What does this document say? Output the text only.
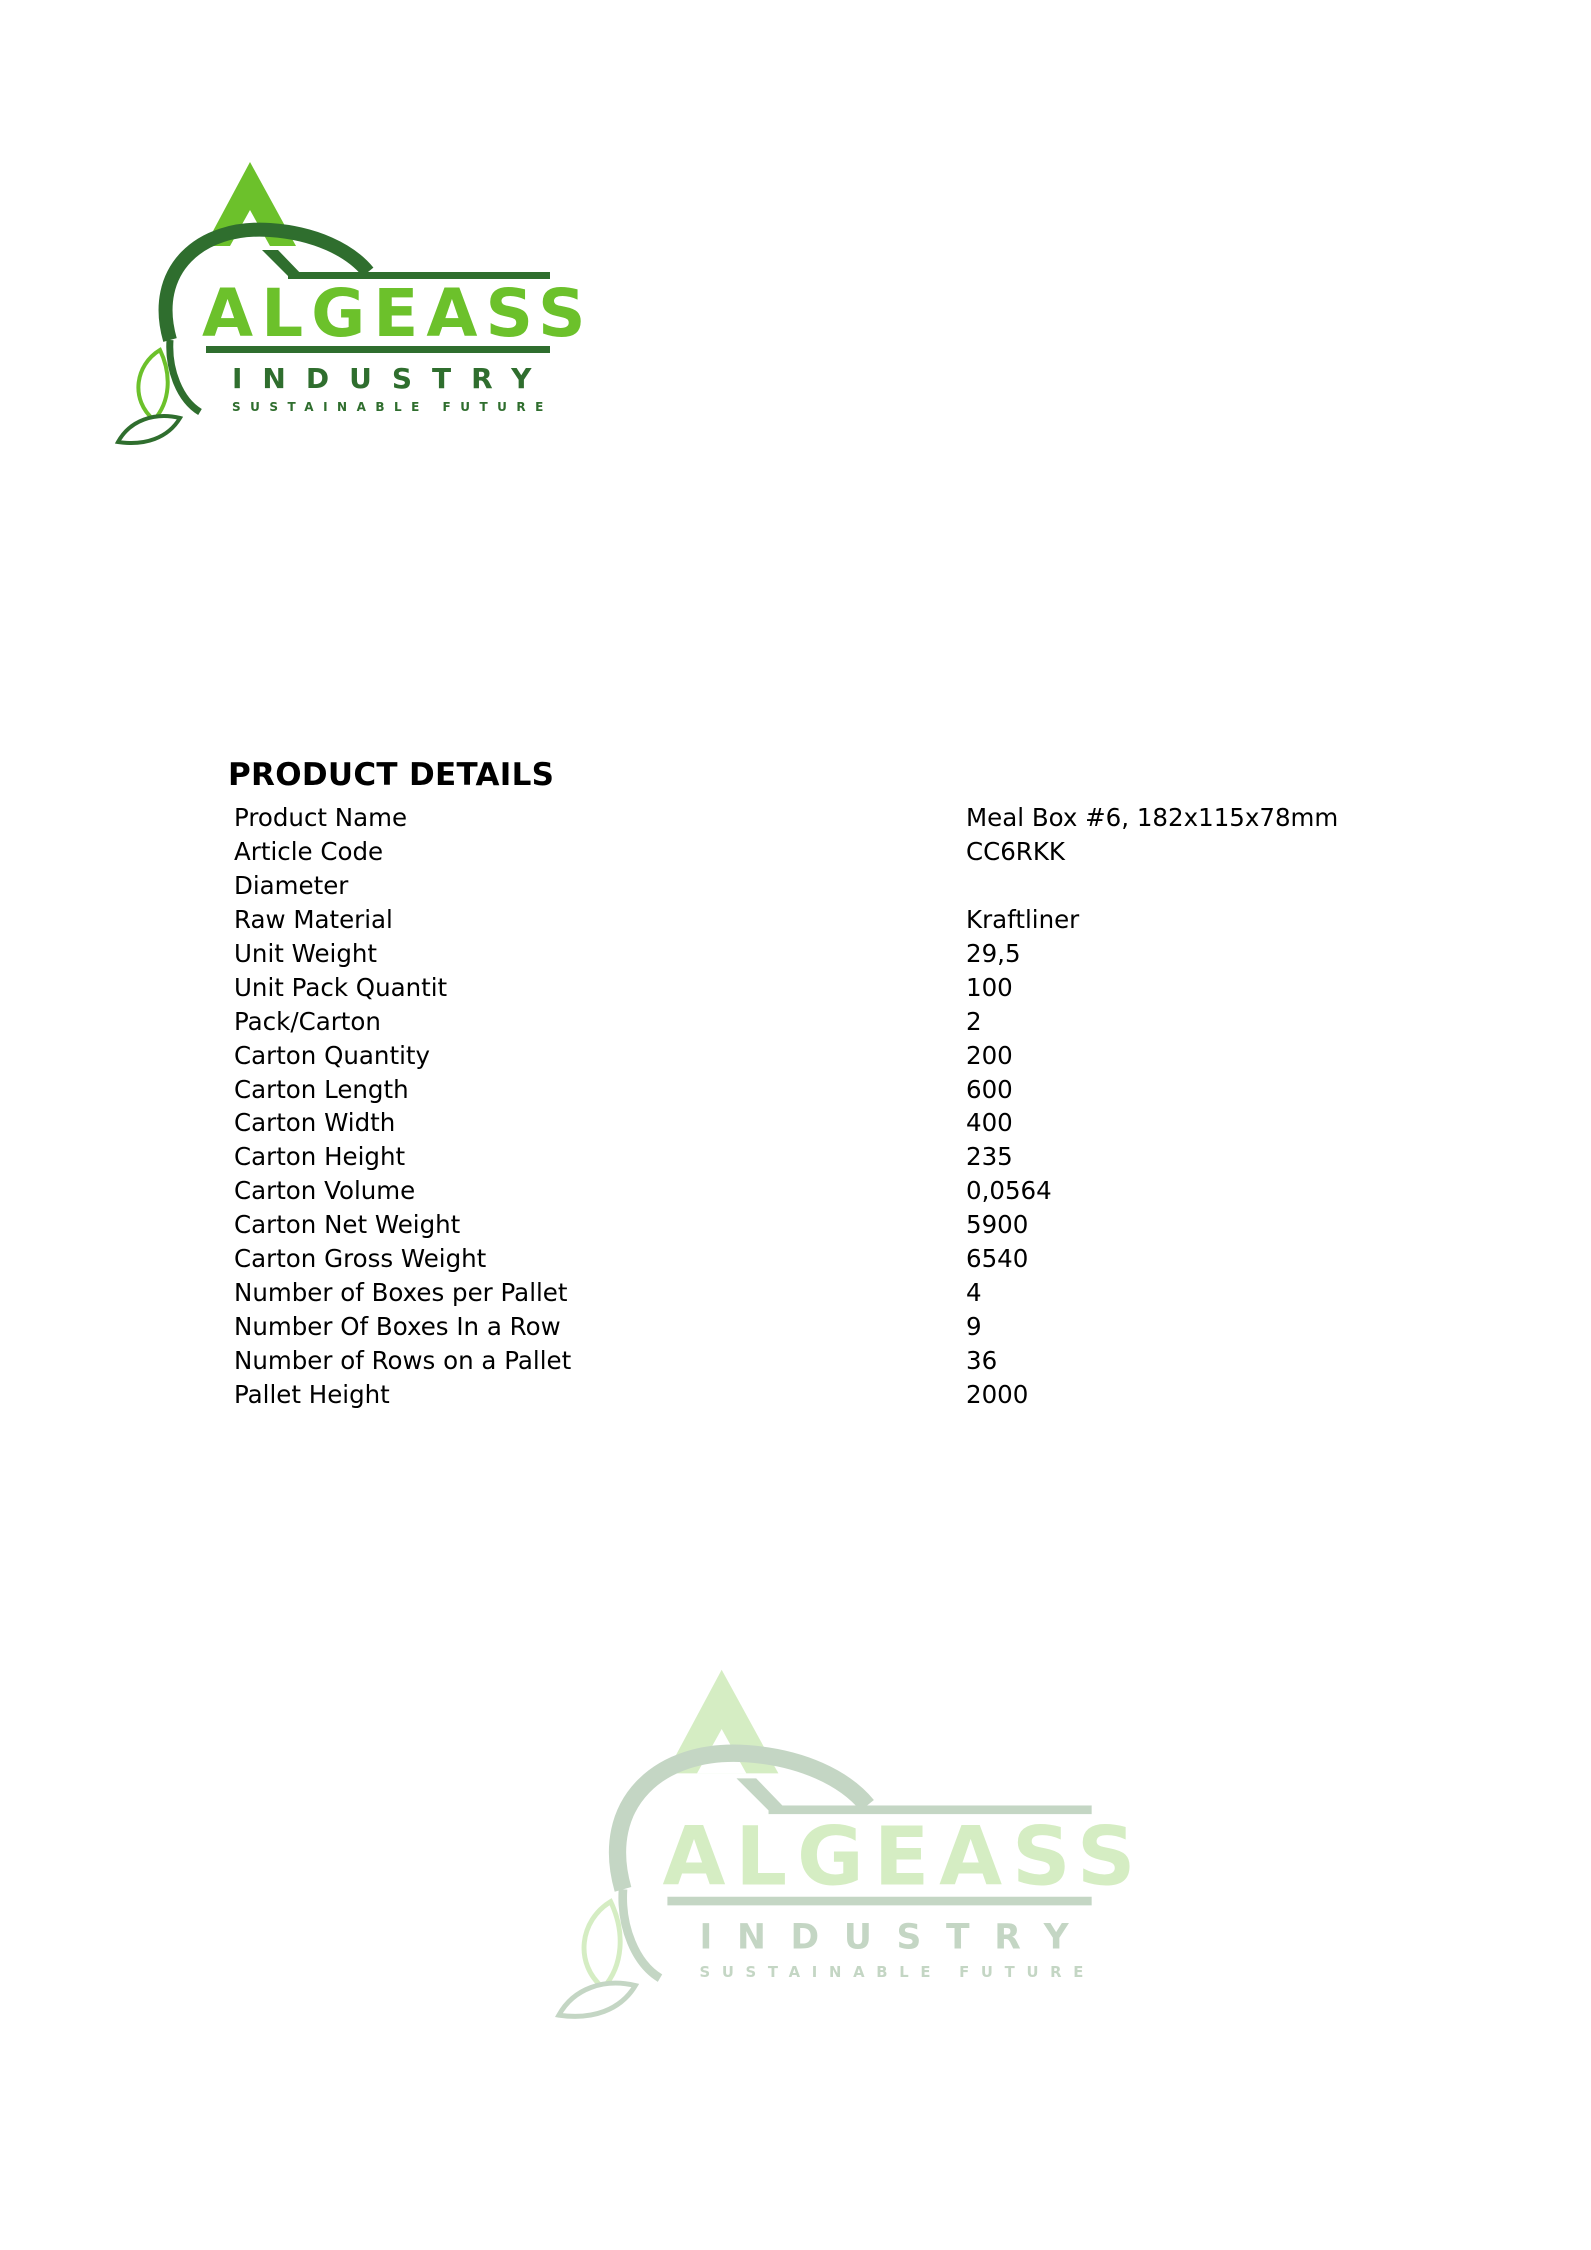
ALGEASS
INDUSTRY
SUSTAINABLE FUTURE
PRODUCT DETAILS
Product Name	Meal Box #6, 182x115x78mm
Article Code	CC6RKK
Diameter
Raw Material	Kraftliner
Unit Weight	29,5
Unit Pack Quantit	100
Pack/Carton	2
Carton Quantity	200
Carton Length	600
Carton Width	400
Carton Height	235
Carton Volume	0,0564
Carton Net Weight	5900
Carton Gross Weight	6540
Number of Boxes per Pallet	4
Number Of Boxes In a Row	9
Number of Rows on a Pallet	36
Pallet Height	2000
ALGEASS
INDUSTRY
SUSTAINABLE FUTURE
